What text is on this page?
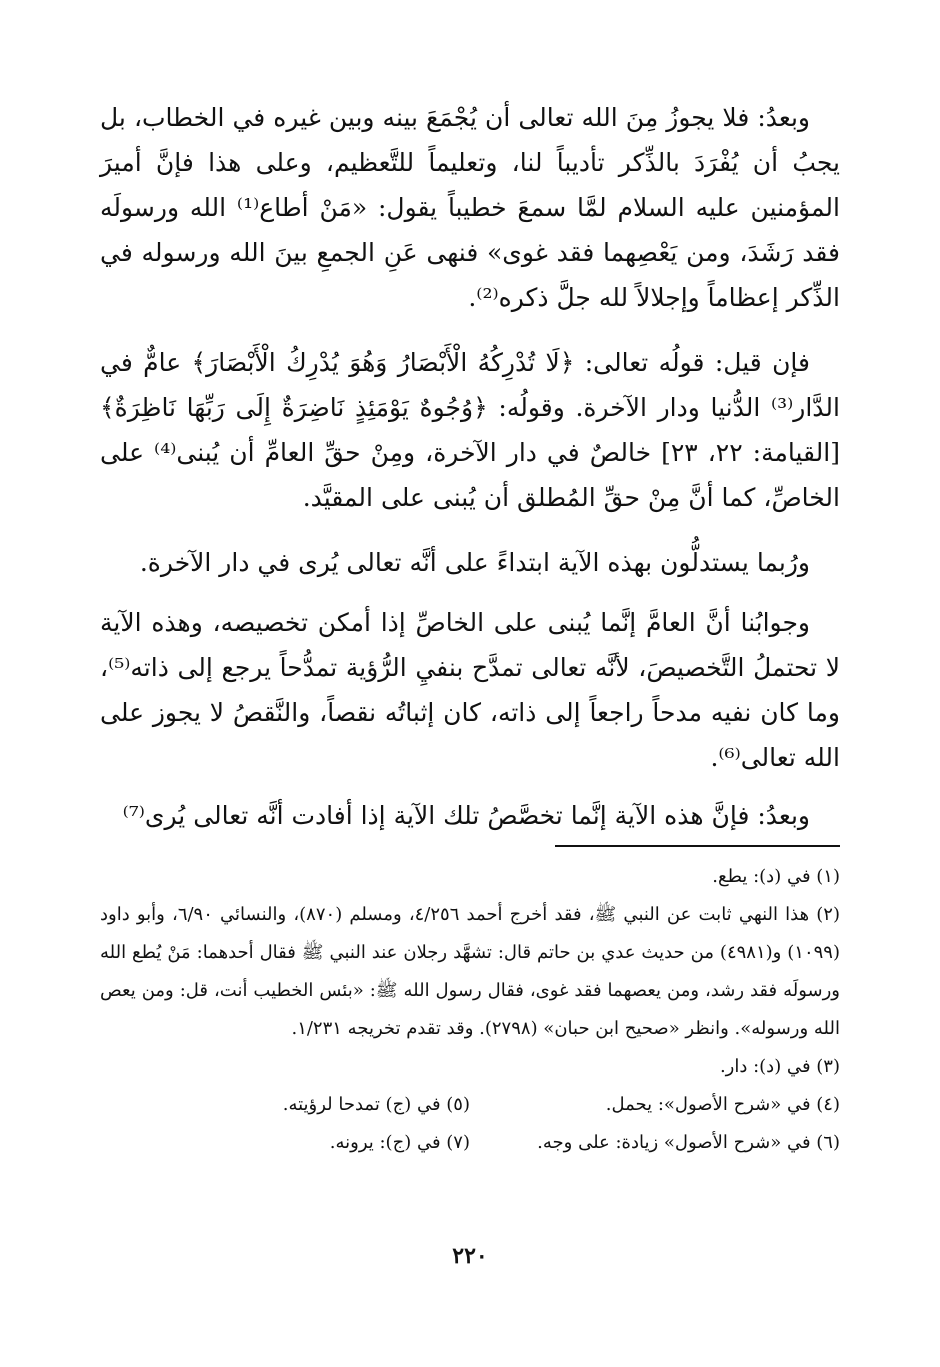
وبعدُ: فلا يجوزُ مِنَ الله تعالى أن يُجْمَعَ بينه وبين غيره في الخطاب، بل يجبُ أن يُفْرَدَ بالذِّكر تأديباً لنا، وتعليماً للتَّعظيم، وعلى هذا فإنَّ أميرَ المؤمنين عليه السلام لمَّا سمعَ خطيباً يقول: «مَنْ أطاع⁽¹⁾ الله ورسولَه فقد رَشَدَ، ومن يَعْصِهما فقد غوى» فنهى عَنِ الجمعِ بينَ الله ورسوله في الذِّكر إعظاماً وإجلالاً لله جلَّ ذكره⁽²⁾.

فإن قيل: قولُه تعالى: ﴿لَا تُدْرِكُهُ الْأَبْصَارُ وَهُوَ يُدْرِكُ الْأَبْصَارَ﴾ عامٌّ في الدَّار⁽³⁾ الدُّنيا ودار الآخرة. وقولُه: ﴿وُجُوهٌ يَوْمَئِذٍ نَاضِرَةٌ إِلَى رَبِّهَا نَاظِرَةٌ﴾ [القيامة: ٢٢، ٢٣] خالصٌ في دار الآخرة، ومِنْ حقِّ العامِّ أن يُبنى⁽⁴⁾ على الخاصِّ، كما أنَّ مِنْ حقِّ المُطلق أن يُبنى على المقيَّد.

ورُبما يستدلُّون بهذه الآية ابتداءً على أنَّه تعالى يُرى في دار الآخرة.

وجوابُنا أنَّ العامَّ إنَّما يُبنى على الخاصِّ إذا أمكن تخصيصه، وهذه الآية لا تحتملُ التَّخصيصَ، لأنَّه تعالى تمدَّح بنفيِ الرُّؤية تمدُّحاً يرجع إلى ذاته⁽⁵⁾، وما كان نفيه مدحاً راجعاً إلى ذاته، كان إثباتُه نقصاً، والنَّقصُ لا يجوز على الله تعالى⁽⁶⁾.

وبعدُ: فإنَّ هذه الآية إنَّما تخصَّصُ تلك الآية إذا أفادت أنَّه تعالى يُرى⁽⁷⁾

(١) في (د): يطع.

(٢) هذا النهي ثابت عن النبي ﷺ، فقد أخرج أحمد ٤/٢٥٦، ومسلم (٨٧٠)، والنسائي ٦/٩٠، وأبو داود (١٠٩٩) و(٤٩٨١) من حديث عدي بن حاتم قال: تشهَّد رجلان عند النبي ﷺ فقال أحدهما: مَنْ يُطع الله ورسولَه فقد رشد، ومن يعصهما فقد غوى، فقال رسول الله ﷺ: «بئس الخطيب أنت، قل: ومن يعص الله ورسوله». وانظر «صحيح ابن حبان» (٢٧٩٨). وقد تقدم تخريجه ١/٢٣١.

(٣) في (د): دار.

(٤) في «شرح الأصول»: يحمل.

(٥) في (ج) تمدحا لرؤيته.

(٦) في «شرح الأصول» زيادة: على وجه.

(٧) في (ج): يرونه.

٢٢٠
